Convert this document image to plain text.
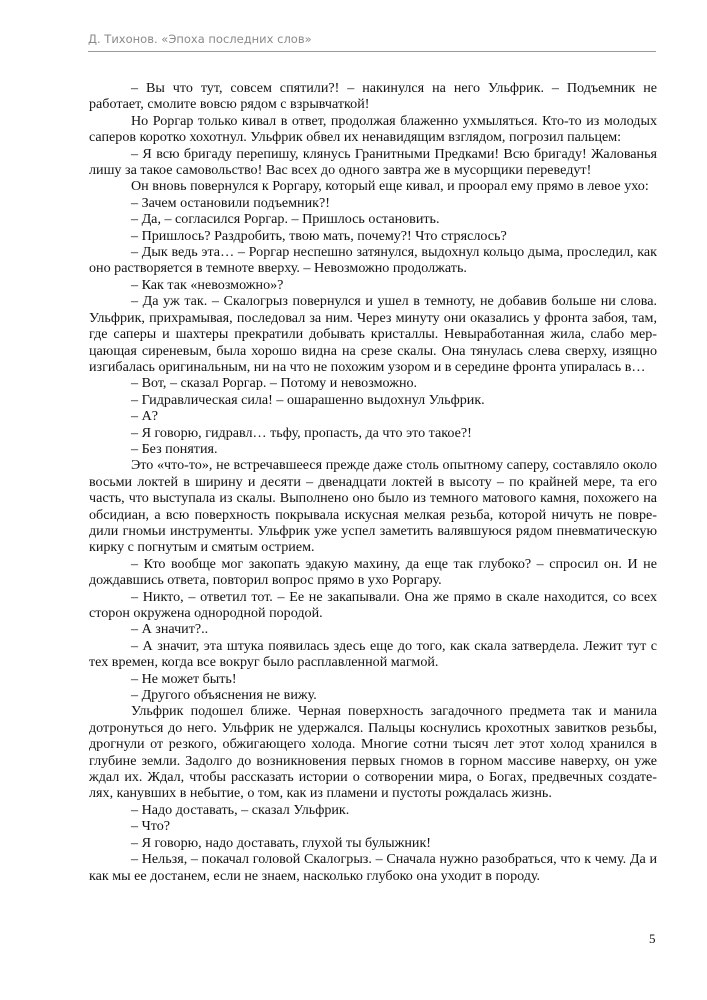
Д. Тихонов. «Эпоха последних слов»

– Вы что тут, совсем спятили?! – накинулся на него Ульфрик. – Подъемник не работает, смолите вовсю рядом с взрывчаткой!

Но Роргар только кивал в ответ, продолжая блаженно ухмыляться. Кто-то из молодых саперов коротко хохотнул. Ульфрик обвел их ненавидящим взглядом, погрозил пальцем:

– Я всю бригаду перепишу, клянусь Гранитными Предками! Всю бригаду! Жалованья лишу за такое самовольство! Вас всех до одного завтра же в мусорщики переведут!

Он вновь повернулся к Роргару, который еще кивал, и проорал ему прямо в левое ухо:

– Зачем остановили подъемник?!

– Да, – согласился Роргар. – Пришлось остановить.

– Пришлось? Раздробить, твою мать, почему?! Что стряслось?

– Дык ведь эта… – Роргар неспешно затянулся, выдохнул кольцо дыма, проследил, как оно растворяется в темноте вверху. – Невозможно продолжать.

– Как так «невозможно»?

– Да уж так. – Скалогрыз повернулся и ушел в темноту, не добавив больше ни слова. Ульфрик, прихрамывая, последовал за ним. Через минуту они оказались у фронта забоя, там, где саперы и шахтеры прекратили добывать кристаллы. Невыработанная жила, слабо мерцающая сиреневым, была хорошо видна на срезе скалы. Она тянулась слева сверху, изящно изгибалась оригинальным, ни на что не похожим узором и в середине фронта упиралась в…

– Вот, – сказал Роргар. – Потому и невозможно.

– Гидравлическая сила! – ошарашенно выдохнул Ульфрик.

– А?

– Я говорю, гидравл… тьфу, пропасть, да что это такое?!

– Без понятия.

Это «что-то», не встречавшееся прежде даже столь опытному саперу, составляло около восьми локтей в ширину и десяти – двенадцати локтей в высоту – по крайней мере, та его часть, что выступала из скалы. Выполнено оно было из темного матового камня, похожего на обсидиан, а всю поверхность покрывала искусная мелкая резьба, которой ничуть не повредили гномьи инструменты. Ульфрик уже успел заметить валявшуюся рядом пневматическую кирку с погнутым и смятым острием.

– Кто вообще мог закопать эдакую махину, да еще так глубоко? – спросил он. И не дождавшись ответа, повторил вопрос прямо в ухо Роргару.

– Никто, – ответил тот. – Ее не закапывали. Она же прямо в скале находится, со всех сторон окружена однородной породой.

– А значит?..

– А значит, эта штука появилась здесь еще до того, как скала затвердела. Лежит тут с тех времен, когда все вокруг было расплавленной магмой.

– Не может быть!

– Другого объяснения не вижу.

Ульфрик подошел ближе. Черная поверхность загадочного предмета так и манила дотронуться до него. Ульфрик не удержался. Пальцы коснулись крохотных завитков резьбы, дрогнули от резкого, обжигающего холода. Многие сотни тысяч лет этот холод хранился в глубине земли. Задолго до возникновения первых гномов в горном массиве наверху, он уже ждал их. Ждал, чтобы рассказать истории о сотворении мира, о Богах, предвечных создателях, канувших в небытие, о том, как из пламени и пустоты рождалась жизнь.

– Надо доставать, – сказал Ульфрик.

– Что?

– Я говорю, надо доставать, глухой ты булыжник!

– Нельзя, – покачал головой Скалогрыз. – Сначала нужно разобраться, что к чему. Да и как мы ее достанем, если не знаем, насколько глубоко она уходит в породу.

5
